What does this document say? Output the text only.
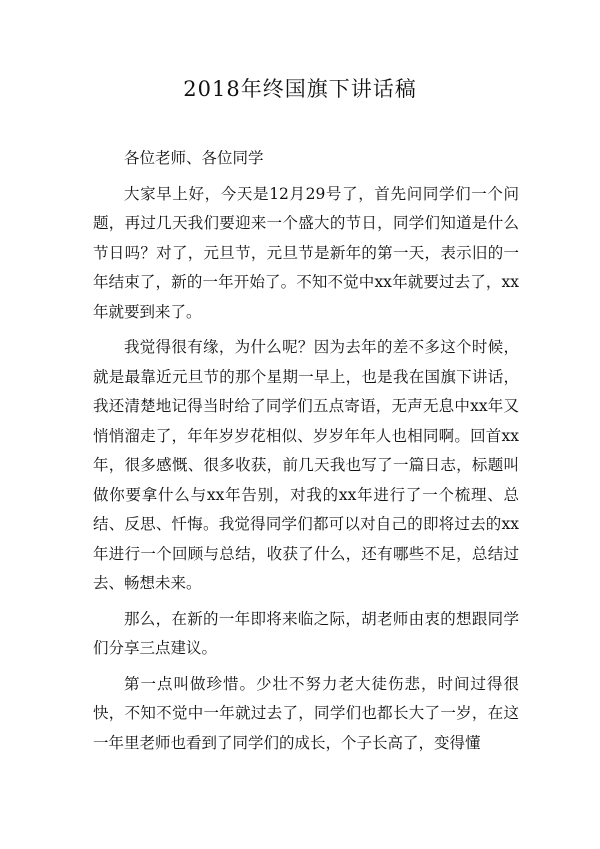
2018年终国旗下讲话稿

各位老师、各位同学

大家早上好，今天是12月29号了，首先问同学们一个问题，再过几天我们要迎来一个盛大的节日，同学们知道是什么节日吗？对了，元旦节，元旦节是新年的第一天，表示旧的一年结束了，新的一年开始了。不知不觉中xx年就要过去了，xx年就要到来了。

我觉得很有缘，为什么呢？因为去年的差不多这个时候，就是最靠近元旦节的那个星期一早上，也是我在国旗下讲话，我还清楚地记得当时给了同学们五点寄语，无声无息中xx年又悄悄溜走了，年年岁岁花相似、岁岁年年人也相同啊。回首xx年，很多感慨、很多收获，前几天我也写了一篇日志，标题叫做你要拿什么与xx年告别，对我的xx年进行了一个梳理、总结、反思、忏悔。我觉得同学们都可以对自己的即将过去的xx年进行一个回顾与总结，收获了什么，还有哪些不足，总结过去、畅想未来。

那么，在新的一年即将来临之际，胡老师由衷的想跟同学们分享三点建议。

第一点叫做珍惜。少壮不努力老大徒伤悲，时间过得很快，不知不觉中一年就过去了，同学们也都长大了一岁，在这一年里老师也看到了同学们的成长，个子长高了，变得懂
